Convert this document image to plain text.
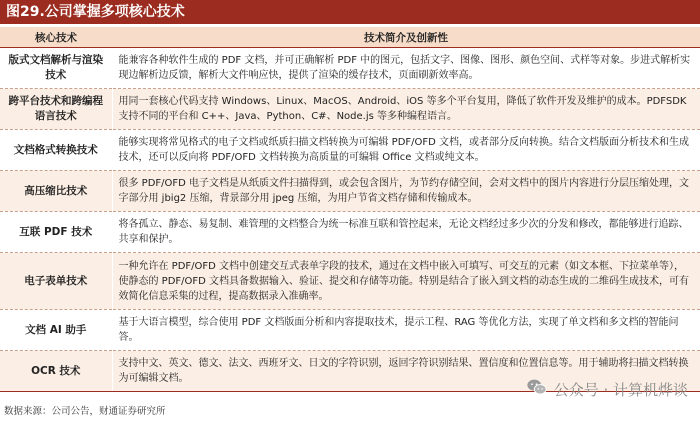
图29.公司掌握多项核心技术
核心技术	技术简介及创新性
版式文档解析与渲染技术	能兼容各种软件生成的 PDF 文档，并可正确解析 PDF 中的图元，包括文字、图像、图形、颜色空间、式样等对象。步进式解析实现边解析边反馈，解析大文件响应快，提供了渲染的缓存技术，页面刷新效率高。
跨平台技术和跨编程语言技术	用同一套核心代码支持 Windows、Linux、MacOS、Android、iOS 等多个平台复用，降低了软件开发及维护的成本。PDFSDK 支持不同的平台和 C++、Java、Python、C#、Node.js 等多种编程语言。
文档格式转换技术	能够实现将常见格式的电子文档或纸质扫描文档转换为可编辑 PDF/OFD 文档，或者部分反向转换。结合文档版面分析技术和生成技术，还可以反向将 PDF/OFD 文档转换为高质量的可编辑 Office 文档或纯文本。
高压缩比技术	很多 PDF/OFD 电子文档是从纸质文件扫描得到，或会包含图片，为节约存储空间，会对文档中的图片内容进行分层压缩处理，文字部分用 jbig2 压缩，背景部分用 jpeg 压缩，为用户节省文档存储和传输成本。
互联 PDF 技术	将各孤立、静态、易复制、难管理的文档整合为统一标准互联和管控起来，无论文档经过多少次的分发和修改，都能够进行追踪、共享和保护。
电子表单技术	一种允许在 PDF/OFD 文档中创建交互式表单字段的技术，通过在文档中嵌入可填写、可交互的元素（如文本框、下拉菜单等），使静态的 PDF/OFD 文档具备数据输入、验证、提交和存储等功能。特别是结合了嵌入到文档的动态生成的二维码生成技术，可有效简化信息采集的过程，提高数据录入准确率。
文档 AI 助手	基于大语言模型，综合使用 PDF 文档版面分析和内容提取技术，提示工程、RAG 等优化方法，实现了单文档和多文档的智能问答。
OCR 技术	支持中文、英文、德文、法文、西班牙文、日文的字符识别，返回字符识别结果、置信度和位置信息等。用于辅助将扫描文档转换为可编辑文档。
公众号 · 计算机烨谈
数据来源：公司公告，财通证券研究所
